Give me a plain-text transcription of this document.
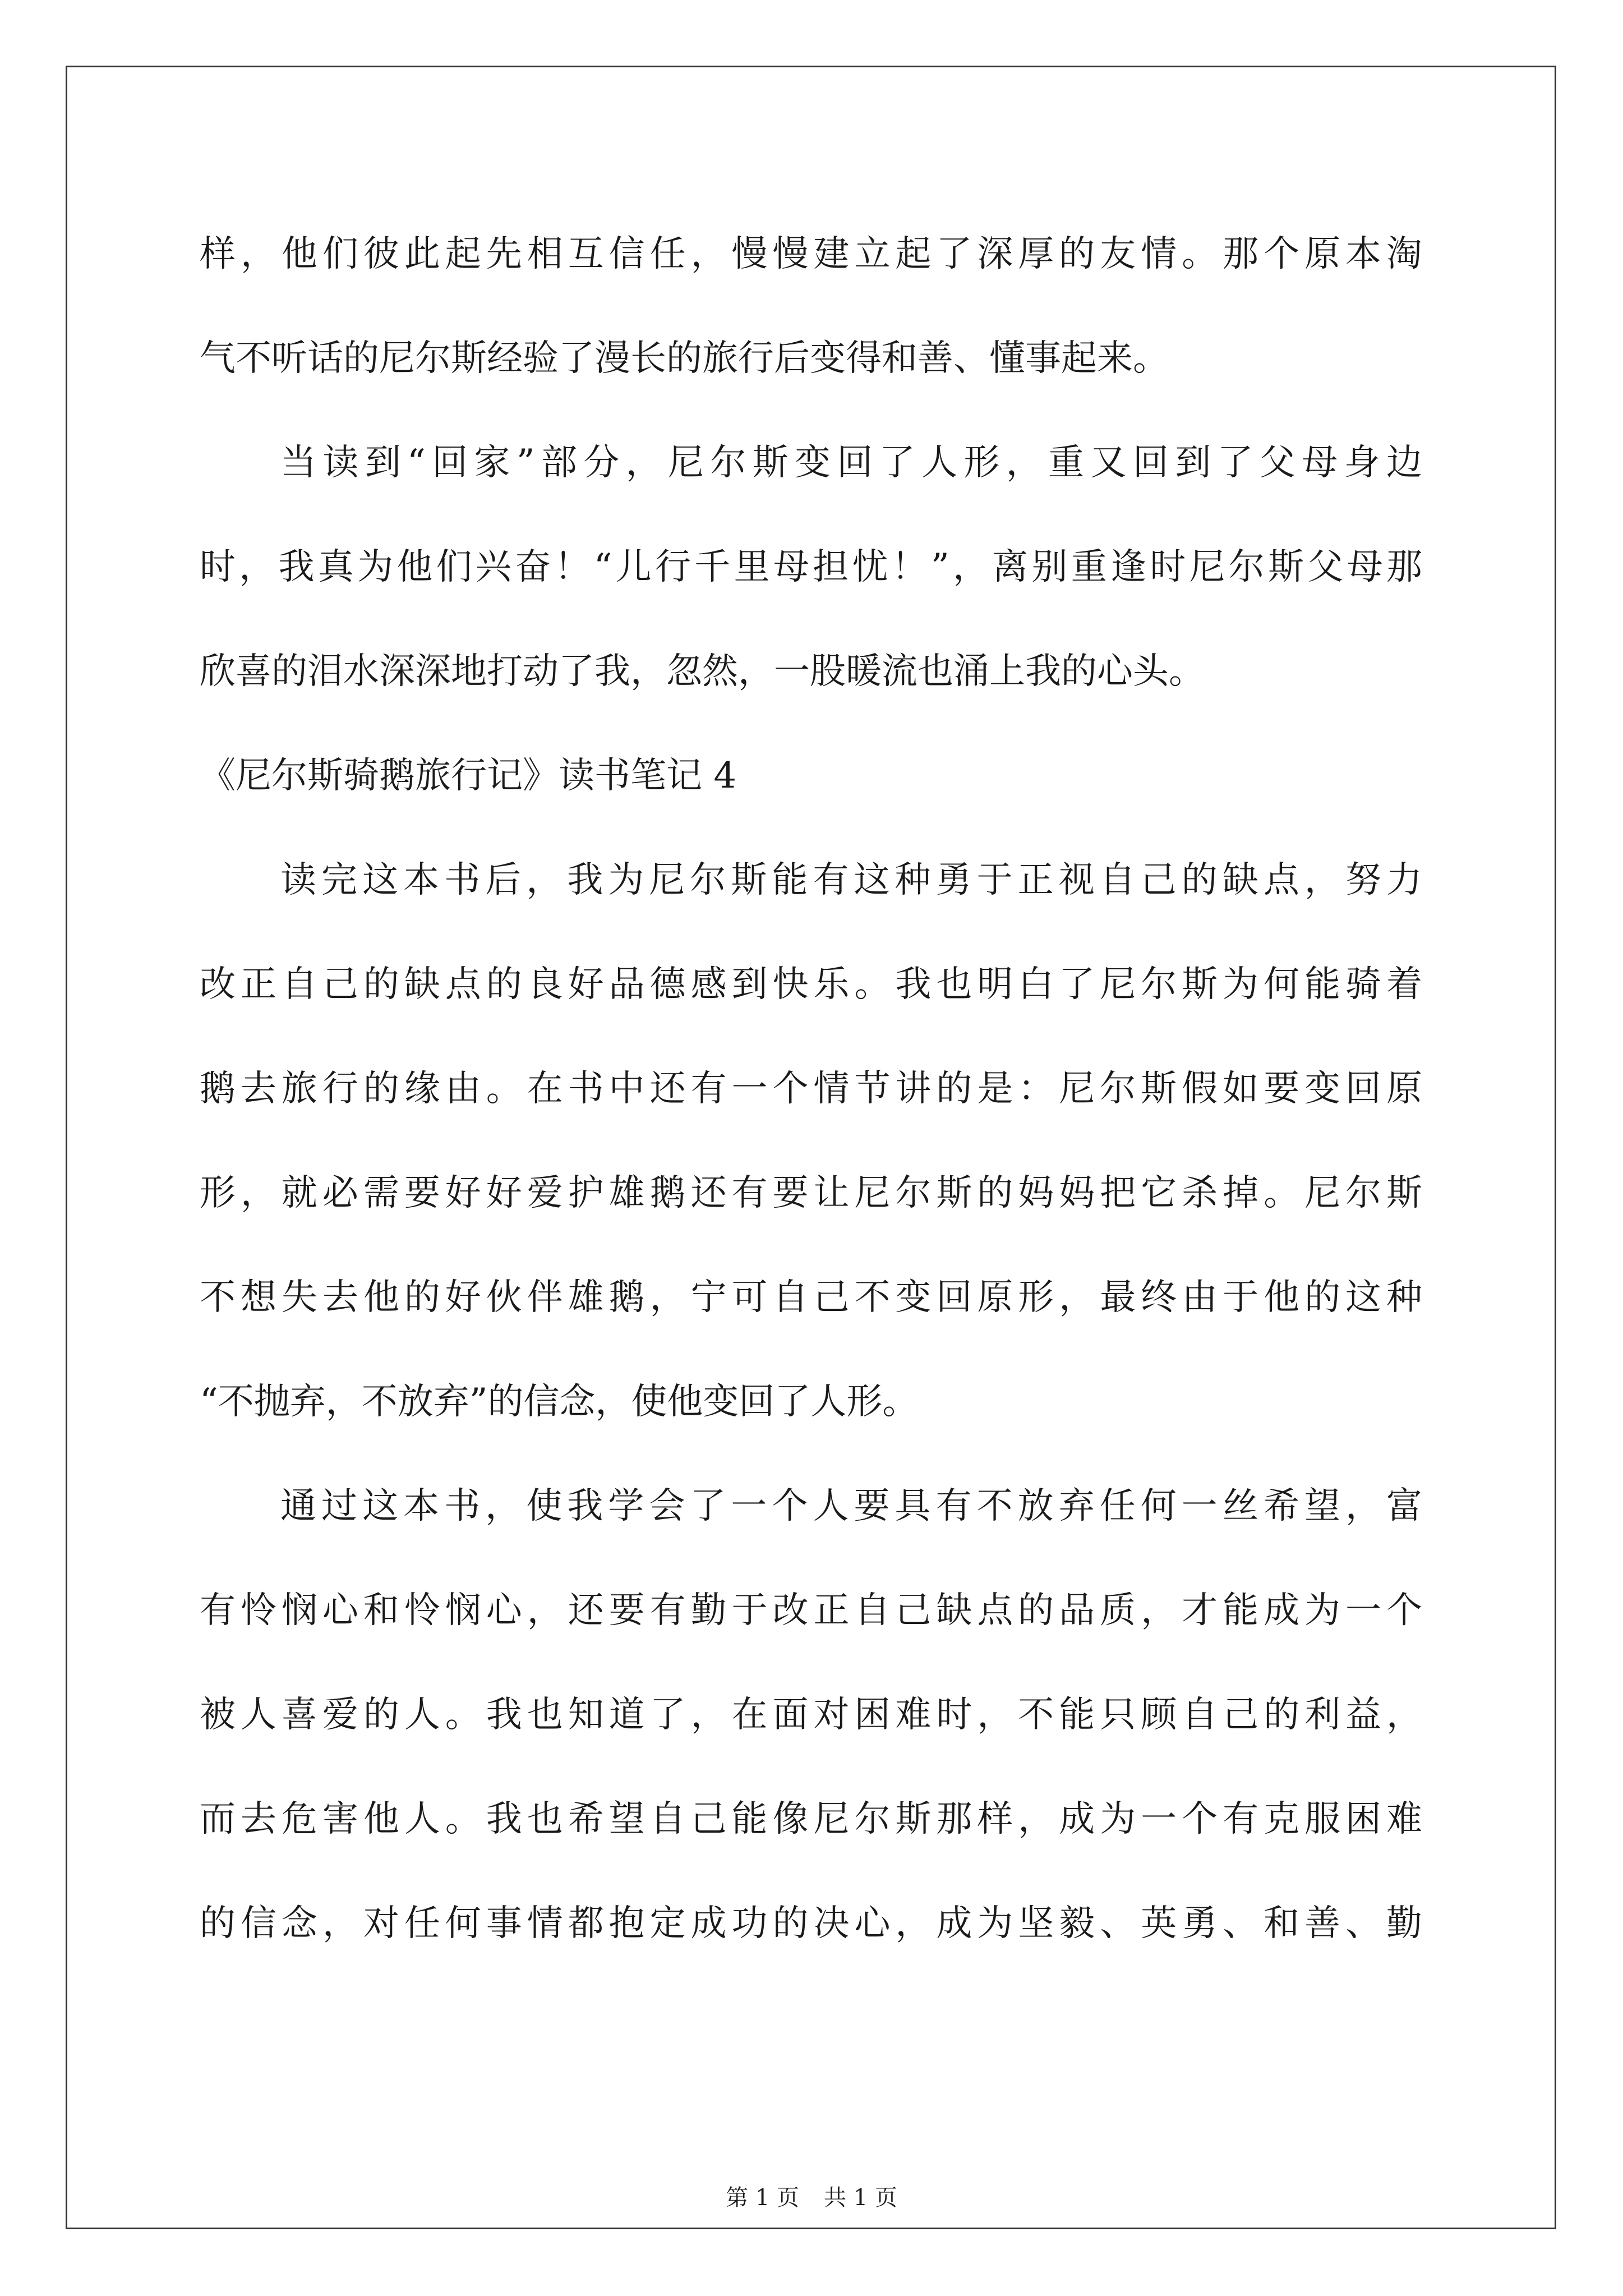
样，他们彼此起先相互信任，慢慢建立起了深厚的友情。那个原本淘
气不听话的尼尔斯经验了漫长的旅行后变得和善、懂事起来。
当读到“回家”部分，尼尔斯变回了人形，重又回到了父母身边
时，我真为他们兴奋！“儿行千里母担忧！”，离别重逢时尼尔斯父母那
欣喜的泪水深深地打动了我，忽然，一股暖流也涌上我的心头。
《尼尔斯骑鹅旅行记》读书笔记 4
读完这本书后，我为尼尔斯能有这种勇于正视自己的缺点，努力
改正自己的缺点的良好品德感到快乐。我也明白了尼尔斯为何能骑着
鹅去旅行的缘由。在书中还有一个情节讲的是：尼尔斯假如要变回原
形，就必需要好好爱护雄鹅还有要让尼尔斯的妈妈把它杀掉。尼尔斯
不想失去他的好伙伴雄鹅，宁可自己不变回原形，最终由于他的这种
“不抛弃，不放弃”的信念，使他变回了人形。
通过这本书，使我学会了一个人要具有不放弃任何一丝希望，富
有怜悯心和怜悯心，还要有勤于改正自己缺点的品质，才能成为一个
被人喜爱的人。我也知道了，在面对困难时，不能只顾自己的利益，
而去危害他人。我也希望自己能像尼尔斯那样，成为一个有克服困难
的信念，对任何事情都抱定成功的决心，成为坚毅、英勇、和善、勤
第 1 页 共 1 页
